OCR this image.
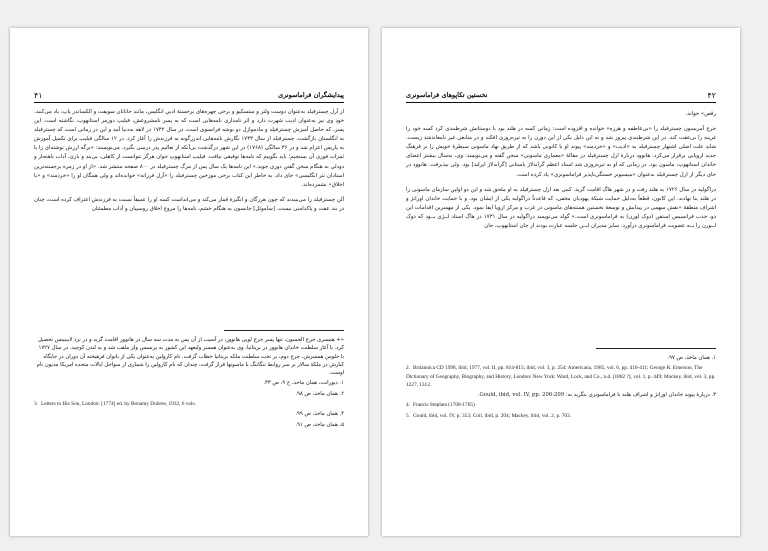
۴۱	پیدایشگران فراماسونری

از آرل چسترفیلد به‌عنوان دوست ولتر و منتسکیو و برخی چهره‌های برجستهٔ ادبیِ انگلیس، مانند جاناتان سویفت و الکساندر پاپ، یاد می‌کنند. خودِ وی نیز به‌عنوان ادیب شهرت دارد و اثر نامداری نامه‌هایی است که به پسر نامشروعش، فیلیپ دورمر استانهوپ، نگاشته است. این پسر، که حاصل آمیزش چسترفیلد و مادموازل دو بوشه فرانسوی است، در سال ۱۷۳۲ در لاهه به‌دنیا آمد و این در زمانی است که چسترفیلد به انگلستان بازگشت. چسترفیلد از سال ۱۷۳۳ نگارش نامه‌هایی اندرزگونه به فرزندش را آغاز کرد. در ۱۲ سالگی فیلیپ برای تکمیل آموزش به پاریس اعزام شد و در ۳۶ سالگی (۱۷۶۸) در این شهر درگذشت بی‌آنکه از تعالیم پدر درسی بگیرد. می‌نویسند: «برگه ارزش نوشته‌ای را با ثمرات فوری آن بسنجیم؛ باید بگوییم که نامه‌ها توفیقی نیافت. فیلیپ استانهوپ جوان هرگز نتوانست از کاهلی، بی‌بند و باری، آداب ناهنجار و دودلی به هنگام سخن گفتن دوری جوید.» این نامه‌ها یک سال پس از مرگ چسترفیلد در ۸۰۰ صفحه منتشر شد. «از او در زمره برجسته‌ترین استادان نثر انگلیسی» جای داد. به خاطر این کتاب برخی مورخین چسترفیلد را «آرل فرزانه» خوانده‌اند و ولی همگان او را «خردمند» و «با اخلاق» نشمرده‌اند.

آلن چسترفیلد را می‌بیندند که چون هرزگان و انگیزهٔ قمار می‌کند و می‌انداست کسه او را عمیقاً نسبت به فرزندش اعتراف کرده است، چنان در بند عفت و پاکدامنی نیست. [ساموئل] جانسون به هنگام خشم، نامه‌ها را مروج اخلاق روسپیان و آداب مطمئنان

«+ همسری جرج الجسون، تنها پسر جرج لویی هانوور، در آسیب از آن پس به مدت سه سال در هانوور اقامت گزید و در نزد لایبنیتس تحصیل کرد. با آغاز سلطنت خاندان هانوور در بریتانیا، وی به‌عنوان همسر ولیعهد این کشور به پرنسس ولز ملقب شد و به لندن کوچید. در سال ۱۷۲۷ با جلوس همسرش، جرج دوم، بر تخت سلطنت ملکه بریتانیا خطاب گرفت. تام کارولین به‌عنوان یکی از بانوان فرهیخته آن دوران در جایگاه کنارش در ملکهٔ سالار بر سر روابط تنگاتنگ با ماسونها قرار گرفت، چندان که نام کارولین را شماری از سواحل ایالات متحده امریکا مدیون نام اوست.
۱. دیورانت، همان ماخذ، ج ۹، ص ۳۳.
۲. همان ماخذ، ص ۹۸.
3. Letters to His Son, London: [1774] ed. by Bonamy Dobree, 1932, 6 vols.
۴. همان ماخذ، ص ۹۹.
۵. همان ماخذ، ص ۹۱.
۴۲
نخستین تکاپوهای فراماسونری

رقص» خواند.

جرج آمریسون چسترفیلد را «بی‌عاطفه و هرزه» خوانده و افزوده است: زمانی کسه در هلند بود با دوستانش شرطبندی کرد کسه خود را غریبه را بی‌عفت کند. در این شرطبندی پیروز شد و به این دلیل یکی از این دوزن را به تیره‌روزی افکند و در منابعی غیر نامعاندشد زیست. شاید علت اصلی اشتهار چسترفیلد به «ادیب» و «خردمند» پیوند او با کانونی باشد که از طریق نهاد ماسونی سیطرهٔ خویش را بر فرهنگ جدید اروپایی برقرار می‌کرد. هانوود دربارهٔ ارل چسترفیلد در مقالهٔ «معماری ماسونی» سخن گفته و می‌نویسد: وی، به‌سال بیشتر اعضای خاندان استانهوپ، ماسون بود. در زمانی که او به تیره‌روزی شد استاد اعظم گراندلاژ باستانی [گراندلاژ ایرلند] بود. ولی نپذیرفت. هانوود در جای دیگر از ارل چسترفیلد به‌عنوان «میسیونر خستگی‌ناپذیر فراماسونری» یاد کرده است.

دراگولیه در سال ۱۷۲۶ به هلند رفت و در شهر هاگ اقامت گزید. کمی بعد ارل چسترفیلد به او ملحق شد و این دو اولین سازمان ماسونی را در هلند بنا نهادند. این کانون، قطعاً به‌دلیل حمایت شبکهٔ یهودیان مخفی، که قاعدتاً دراگولیه یکی از ایشان بود، و با حمایت خاندان اورانژ و اشراف منطقهٔ «نقش سهمی در پیدایش و توسعهٔ نخستین هسته‌های ماسونی در غرب و مرکز اروپا ایفا نمود. یکی از مهمترین اقدامات این دو، جذب فرانسیس استفن (دوک لورن) به فراماسونری است.» گولد می‌نویسد دراگولیه در سال ۱۷۳۱ در هاگ استاد لــژی بــود که دوک لــورن را بــه عضویت فراماسونری درآورد. سایر مدیران ایــن جلسه عبارت بودند از جان استانهوپ، جان

۱. همان ماخذ، ص ۹۷.
2. Britannica CD 1998, ibid, 1977, vol. II, pp. 814-815; ibid, vol. 3, p. 254; Americana, 1985, vol. 6, pp. 410-411; George R. Emerson, The Dictionary of Geography, Biography, and History, London/ New York: Ward, Lock, and Co., n.d. [1882 ?], vol. 1, p. 449; Mackey, ibid, vol. 3, pp. 1227, 1312.
۳. دربارهٔ پیوند خاندان اورانژ و اشراف هلند با فراماسونری بنگرید به: Gould, ibid, vol. IV, pp. 206-209.
4. Francis Stephen (1708-1765)
5. Gould, ibid, vol. IV, p. 353; Coil, ibid, p. 204; Mackey, ibid, vol. 2, p. 703.
